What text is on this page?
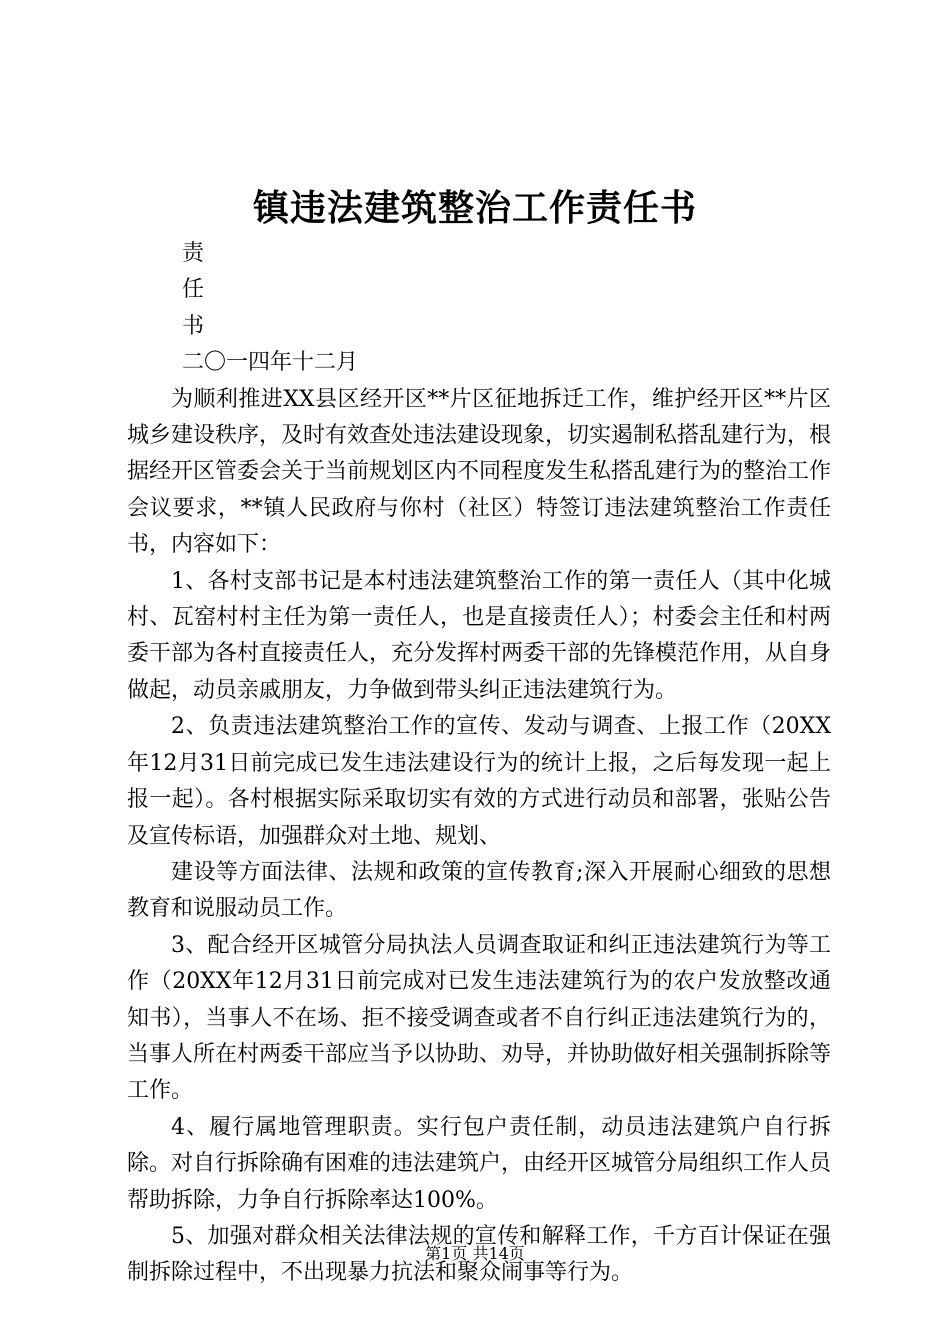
镇违法建筑整治工作责任书

责

任

书

二〇一四年十二月

为顺利推进XX县区经开区**片区征地拆迁工作，维护经开区**片区城乡建设秩序，及时有效查处违法建设现象，切实遏制私搭乱建行为，根据经开区管委会关于当前规划区内不同程度发生私搭乱建行为的整治工作会议要求，**镇人民政府与你村（社区）特签订违法建筑整治工作责任书，内容如下：

1、各村支部书记是本村违法建筑整治工作的第一责任人（其中化城村、瓦窑村村主任为第一责任人，也是直接责任人）；村委会主任和村两委干部为各村直接责任人，充分发挥村两委干部的先锋模范作用，从自身做起，动员亲戚朋友，力争做到带头纠正违法建筑行为。

2、负责违法建筑整治工作的宣传、发动与调查、上报工作（20XX年12月31日前完成已发生违法建设行为的统计上报，之后每发现一起上报一起）。各村根据实际采取切实有效的方式进行动员和部署，张贴公告及宣传标语，加强群众对土地、规划、

建设等方面法律、法规和政策的宣传教育;深入开展耐心细致的思想教育和说服动员工作。

3、配合经开区城管分局执法人员调查取证和纠正违法建筑行为等工作（20XX年12月31日前完成对已发生违法建筑行为的农户发放整改通知书），当事人不在场、拒不接受调查或者不自行纠正违法建筑行为的，当事人所在村两委干部应当予以协助、劝导，并协助做好相关强制拆除等工作。

4、履行属地管理职责。实行包户责任制，动员违法建筑户自行拆除。对自行拆除确有困难的违法建筑户，由经开区城管分局组织工作人员帮助拆除，力争自行拆除率达100%。

5、加强对群众相关法律法规的宣传和解释工作，千方百计保证在强制拆除过程中，不出现暴力抗法和聚众闹事等行为。

第1页 共14页
